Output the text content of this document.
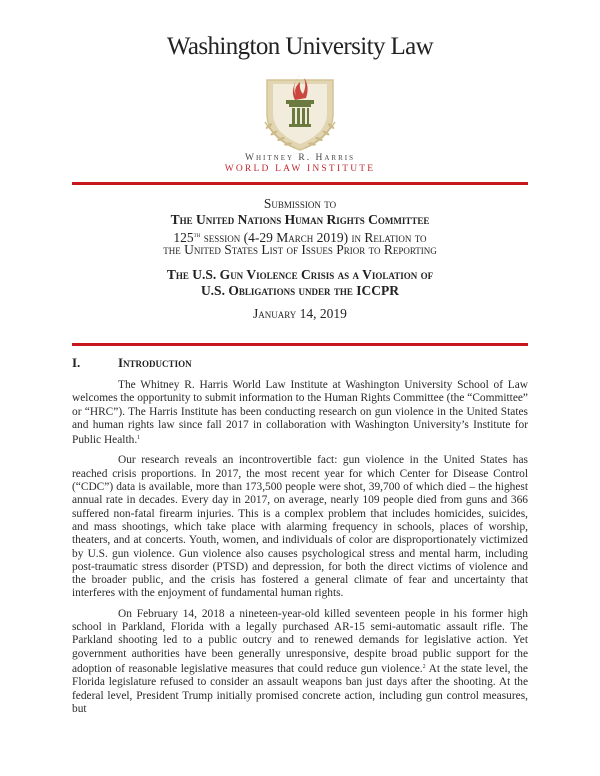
Washington University Law
Whitney R. Harris
WORLD LAW INSTITUTE
Submission to
The United Nations Human Rights Committee
125th session (4-29 March 2019) in Relation to
the United States List of Issues Prior to Reporting
The U.S. Gun Violence Crisis as a Violation of
U.S. Obligations under the ICCPR
January 14, 2019
I.	Introduction

The Whitney R. Harris World Law Institute at Washington University School of Law welcomes the opportunity to submit information to the Human Rights Committee (the “Committee” or “HRC”). The Harris Institute has been conducting research on gun violence in the United States and human rights law since fall 2017 in collaboration with Washington University’s Institute for Public Health.$^1$

Our research reveals an incontrovertible fact: gun violence in the United States has reached crisis proportions. In 2017, the most recent year for which Center for Disease Control (“CDC”) data is available, more than 173,500 people were shot, 39,700 of which died – the highest annual rate in decades. Every day in 2017, on average, nearly 109 people died from guns and 366 suffered non-fatal firearm injuries. This is a complex problem that includes homicides, suicides, and mass shootings, which take place with alarming frequency in schools, places of worship, theaters, and at concerts. Youth, women, and individuals of color are disproportionately victimized by U.S. gun violence. Gun violence also causes psychological stress and mental harm, including post-traumatic stress disorder (PTSD) and depression, for both the direct victims of violence and the broader public, and the crisis has fostered a general climate of fear and uncertainty that interferes with the enjoyment of fundamental human rights.

On February 14, 2018 a nineteen-year-old killed seventeen people in his former high school in Parkland, Florida with a legally purchased AR-15 semi-automatic assault rifle. The Parkland shooting led to a public outcry and to renewed demands for legislative action. Yet government authorities have been generally unresponsive, despite broad public support for the adoption of reasonable legislative measures that could reduce gun violence.$^2$ At the state level, the Florida legislature refused to consider an assault weapons ban just days after the shooting. At the federal level, President Trump initially promised concrete action, including gun control measures, but
